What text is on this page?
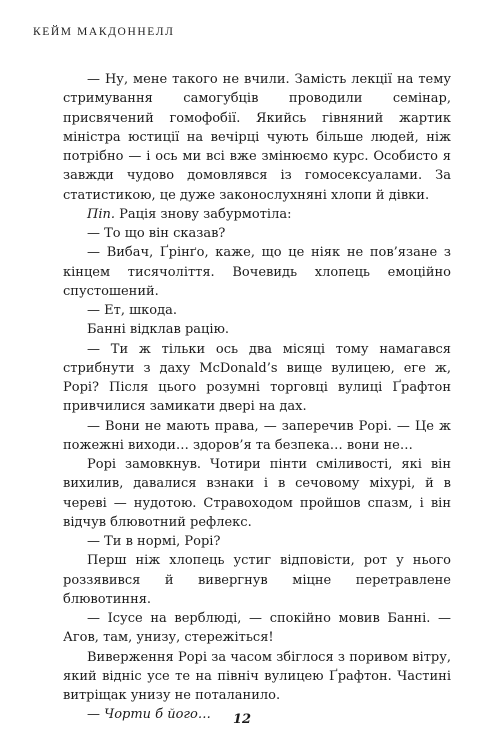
КЕЙМ МАКДОННЕЛЛ

— Ну, мене такого не вчили. Замість лекції на тему стримування самогубців проводили семінар, присвячений гомофобії. Якийсь гівняний жартик міністра юстиції на вечірці чують більше людей, ніж потрібно — і ось ми всі вже змінюємо курс. Особисто я завжди чудово домовлявся із гомосексуалами. За статистикою, це дуже законослухняні хлопи й дівки.

Піп. Рація знову забурмотіла:

— То що він сказав?

— Вибач, Ґрінґо, каже, що це ніяк не пов’язане з кінцем тисячоліття. Вочевидь хлопець емоційно спустошений.

— Ет, шкода.

Банні відклав рацію.

— Ти ж тільки ось два місяці тому намагався стрибнути з даху McDonald’s вище вулицею, еге ж, Рорі? Після цього розумні торговці вулиці Ґрафтон привчилися замикати двері на дах.

— Вони не мають права, — заперечив Рорі. — Це ж пожежні виходи… здоров’я та безпека… вони не…

Рорі замовкнув. Чотири пінти сміливості, які він вихилив, давалися взнаки і в сечовому міхурі, й в череві — нудотою. Стравоходом пройшов спазм, і він відчув блювотний рефлекс.

— Ти в нормі, Рорі?

Перш ніж хлопець устиг відповісти, рот у нього роззявився й вивергнув міцне перетравлене блювотиння.

— Ісусе на верблюді, — спокійно мовив Банні. — Агов, там, унизу, стережіться!

Виверження Рорі за часом збіглося з поривом вітру, який відніс усе те на північ вулицею Ґрафтон. Частині витріщак унизу не поталанило.

— Чорти б його…	12
